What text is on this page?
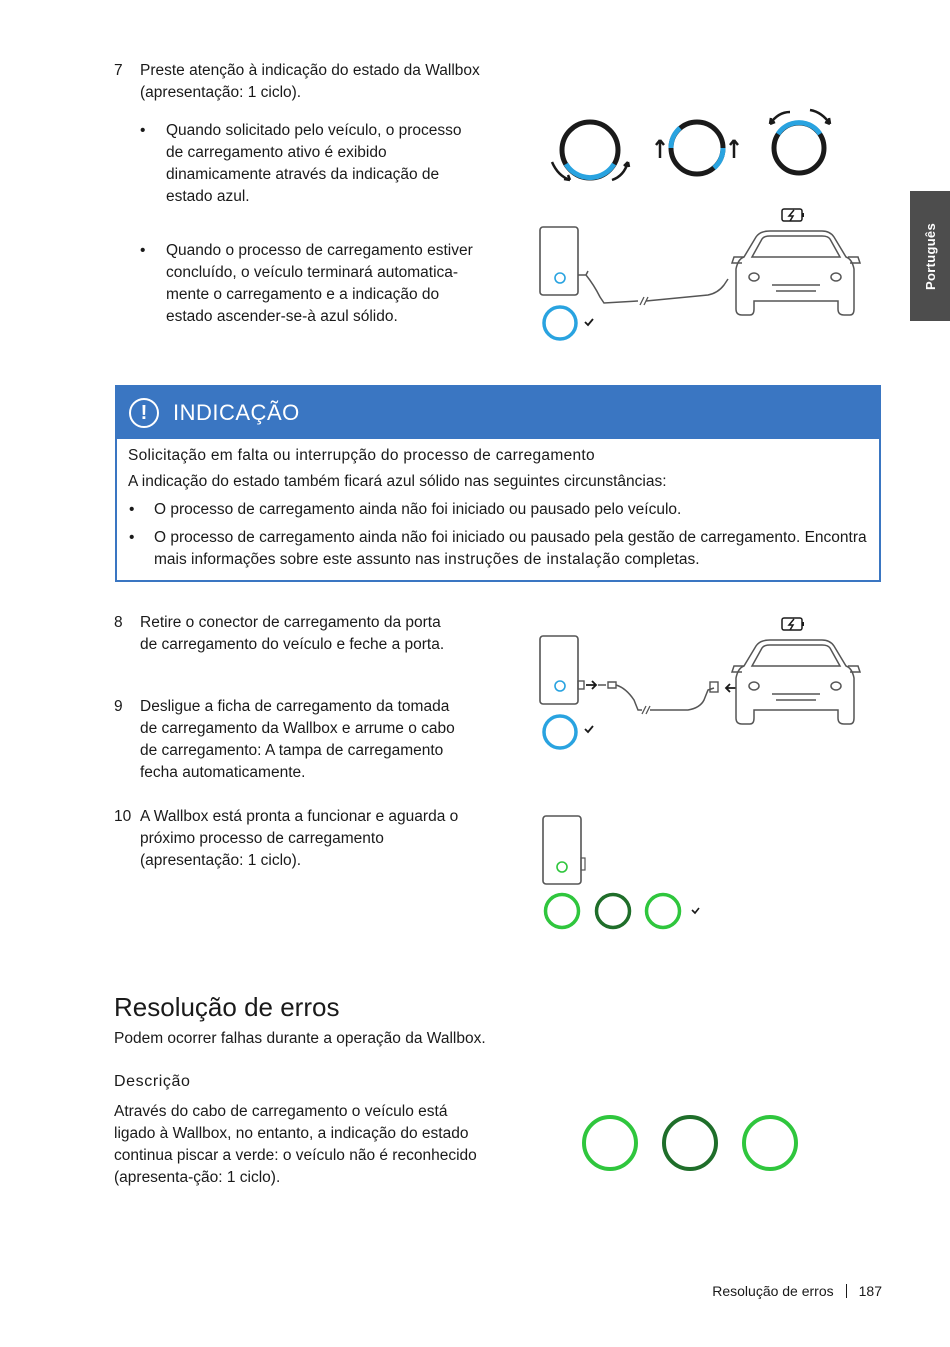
Português
7	Preste atenção à indicação do estado da Wallbox (apresentação: 1 ciclo).
• Quando solicitado pelo veículo, o processo de carregamento ativo é exibido dinamicamente através da indicação de estado azul.
• Quando o processo de carregamento estiver concluído, o veículo terminará automatica-mente o carregamento e a indicação do estado ascender-se-à azul sólido.
!	INDICAÇÃO
Solicitação em falta ou interrupção do processo de carregamento
A indicação do estado também ficará azul sólido nas seguintes circunstâncias:
• O processo de carregamento ainda não foi iniciado ou pausado pelo veículo.
• O processo de carregamento ainda não foi iniciado ou pausado pela gestão de carregamento. Encontra mais informações sobre este assunto nas instruções de instalação completas.
8	Retire o conector de carregamento da porta de carregamento do veículo e feche a porta.
9	Desligue a ficha de carregamento da tomada de carregamento da Wallbox e arrume o cabo de carregamento: A tampa de carregamento fecha automaticamente.
10 A Wallbox está pronta a funcionar e aguarda o próximo processo de carregamento (apresentação: 1 ciclo).
Resolução de erros
Podem ocorrer falhas durante a operação da Wallbox.
Descrição
Através do cabo de carregamento o veículo está ligado à Wallbox, no entanto, a indicação do estado continua piscar a verde: o veículo não é reconhecido (apresenta-ção: 1 ciclo).
Resolução de erros 187
